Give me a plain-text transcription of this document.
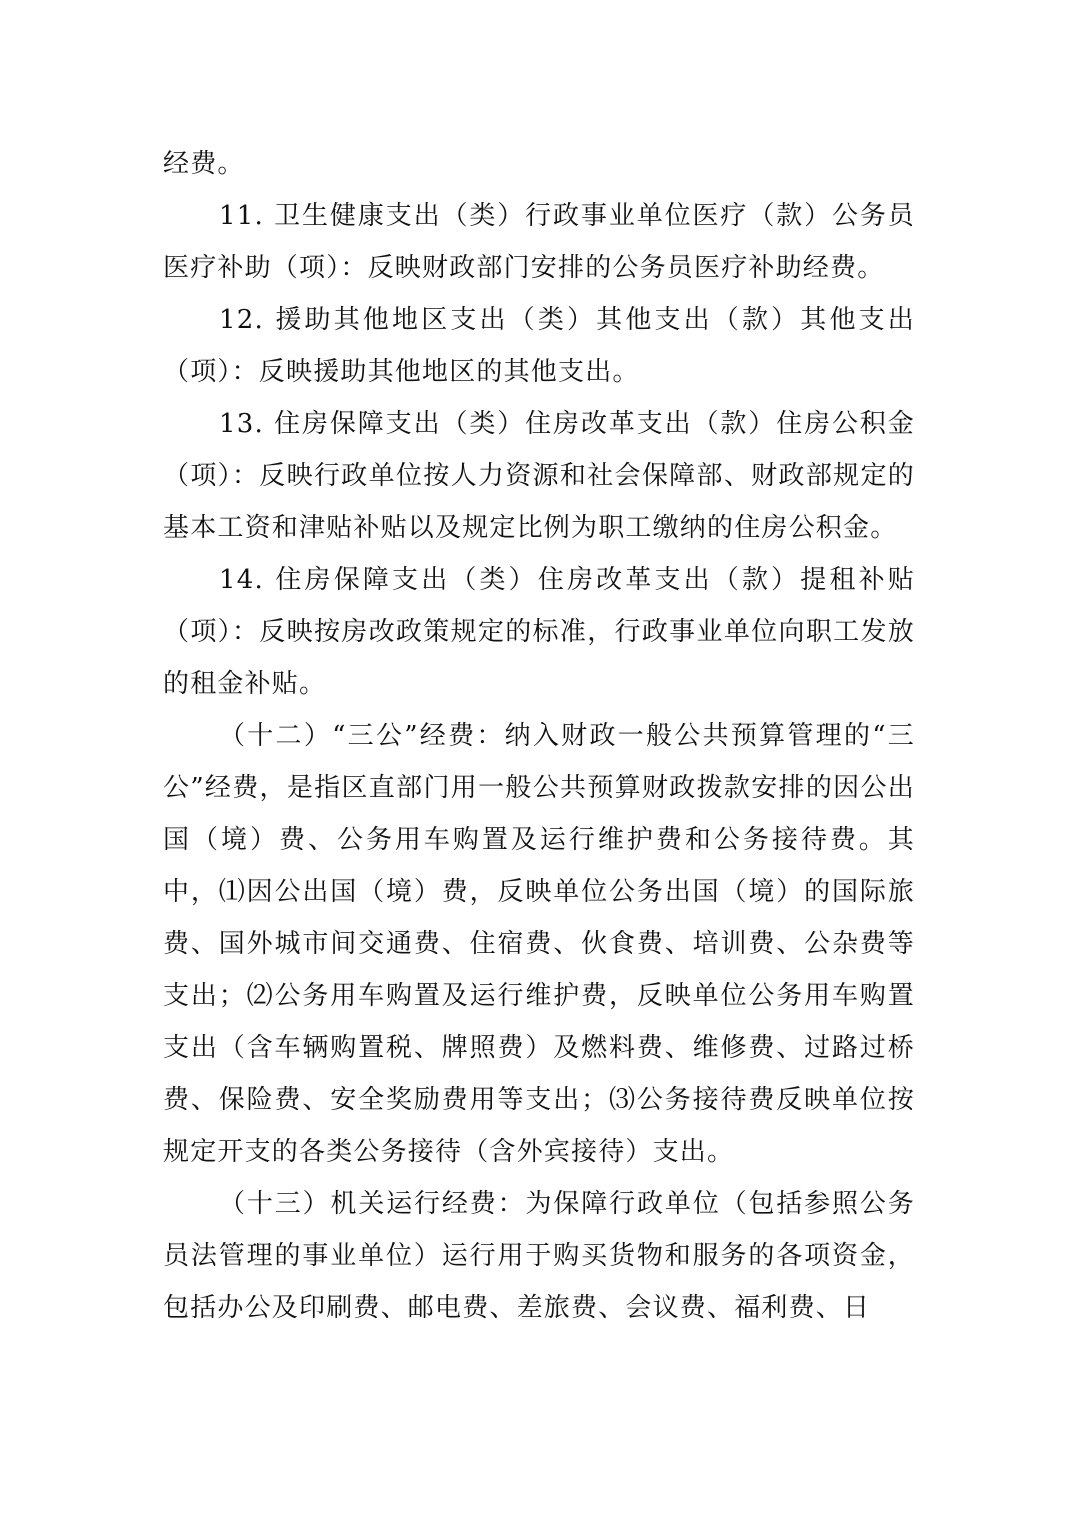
经费。

11. 卫生健康支出（类）行政事业单位医疗（款）公务员医疗补助（项）：反映财政部门安排的公务员医疗补助经费。

12. 援助其他地区支出（类）其他支出（款）其他支出（项）：反映援助其他地区的其他支出。

13. 住房保障支出（类）住房改革支出（款）住房公积金（项）：反映行政单位按人力资源和社会保障部、财政部规定的基本工资和津贴补贴以及规定比例为职工缴纳的住房公积金。

14. 住房保障支出（类）住房改革支出（款）提租补贴（项）：反映按房改政策规定的标准，行政事业单位向职工发放的租金补贴。

（十二）“三公”经费：纳入财政一般公共预算管理的“三公”经费，是指区直部门用一般公共预算财政拨款安排的因公出国（境）费、公务用车购置及运行维护费和公务接待费。其中，⑴因公出国（境）费，反映单位公务出国（境）的国际旅费、国外城市间交通费、住宿费、伙食费、培训费、公杂费等支出；⑵公务用车购置及运行维护费，反映单位公务用车购置支出（含车辆购置税、牌照费）及燃料费、维修费、过路过桥费、保险费、安全奖励费用等支出；⑶公务接待费反映单位按规定开支的各类公务接待（含外宾接待）支出。

（十三）机关运行经费：为保障行政单位（包括参照公务员法管理的事业单位）运行用于购买货物和服务的各项资金，包括办公及印刷费、邮电费、差旅费、会议费、福利费、日
